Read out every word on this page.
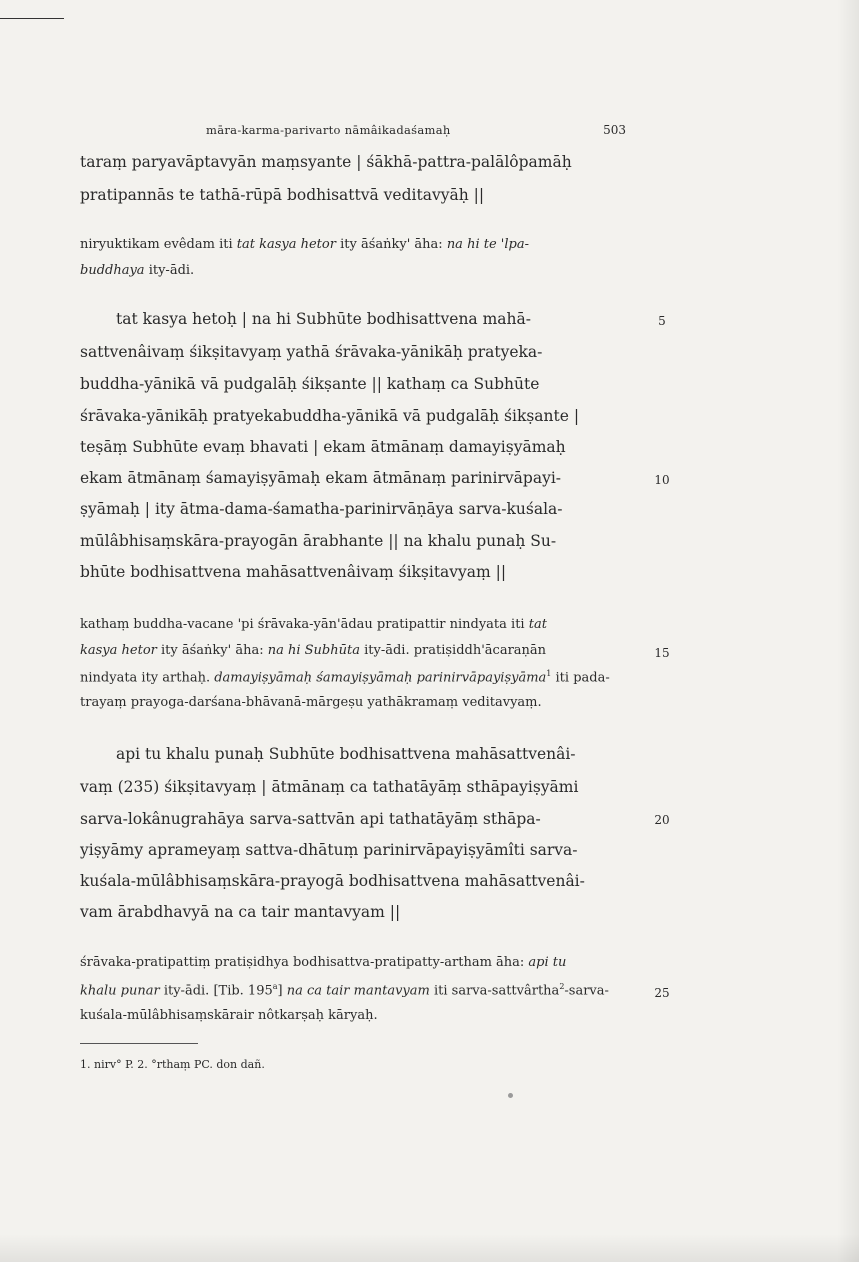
māra-karma-parivarto nāmâikadaśamaḥ	503
taraṃ paryavāptavyān maṃsyante | śākhā-pattra-palālôpamāḥ
pratipannās te tathā-rūpā bodhisattvā veditavyāḥ ||
niryuktikam evêdam iti tat kasya hetor ity āśaṅky' āha: na hi te 'lpa-
buddhaya ity-ādi.
tat kasya hetoḥ | na hi Subhūte bodhisattvena mahā-
sattvenâivaṃ śikṣitavyaṃ yathā śrāvaka-yānikāḥ pratyeka-
buddha-yānikā vā pudgalāḥ śikṣante || kathaṃ ca Subhūte
śrāvaka-yānikāḥ pratyekabuddha-yānikā vā pudgalāḥ śikṣante |
teṣāṃ Subhūte evaṃ bhavati | ekam ātmānaṃ damayiṣyāmaḥ
ekam ātmānaṃ śamayiṣyāmaḥ ekam ātmānaṃ parinirvāpayi-
ṣyāmaḥ | ity ātma-dama-śamatha-parinirvāṇāya sarva-kuśala-
mūlâbhisaṃskāra-prayogān ārabhante || na khalu punaḥ Su-
bhūte bodhisattvena mahāsattvenâivaṃ śikṣitavyaṃ ||
kathaṃ buddha-vacane 'pi śrāvaka-yān'ādau pratipattir nindyata iti tat
kasya hetor ity āśaṅky' āha: na hi Subhūta ity-ādi. pratiṣiddh'ācaraṇān
nindyata ity arthaḥ. damayiṣyāmaḥ śamayiṣyāmaḥ parinirvāpayiṣyāma$^1$ iti pada-
trayaṃ prayoga-darśana-bhāvanā-mārgeṣu yathākramaṃ veditavyaṃ.
api tu khalu punaḥ Subhūte bodhisattvena mahāsattvenâi-
vaṃ (235) śikṣitavyaṃ | ātmānaṃ ca tathatāyāṃ sthāpayiṣyāmi
sarva-lokânugrahāya sarva-sattvān api tathatāyāṃ sthāpa-
yiṣyāmy aprameyaṃ sattva-dhātuṃ parinirvāpayiṣyāmîti sarva-
kuśala-mūlâbhisaṃskāra-prayogā bodhisattvena mahāsattvenâi-
vam ārabdhavyā na ca tair mantavyam ||
śrāvaka-pratipattiṃ pratiṣidhya bodhisattva-pratipatty-artham āha: api tu
khalu punar ity-ādi. [Tib. 195$^a$] na ca tair mantavyam iti sarva-sattvârtha$^2$-sarva-
kuśala-mūlâbhisaṃskārair nôtkarṣaḥ kāryaḥ.
5
10
15
20
25
1. nirv° P. 2. °rthaṃ PC. don dañ.
